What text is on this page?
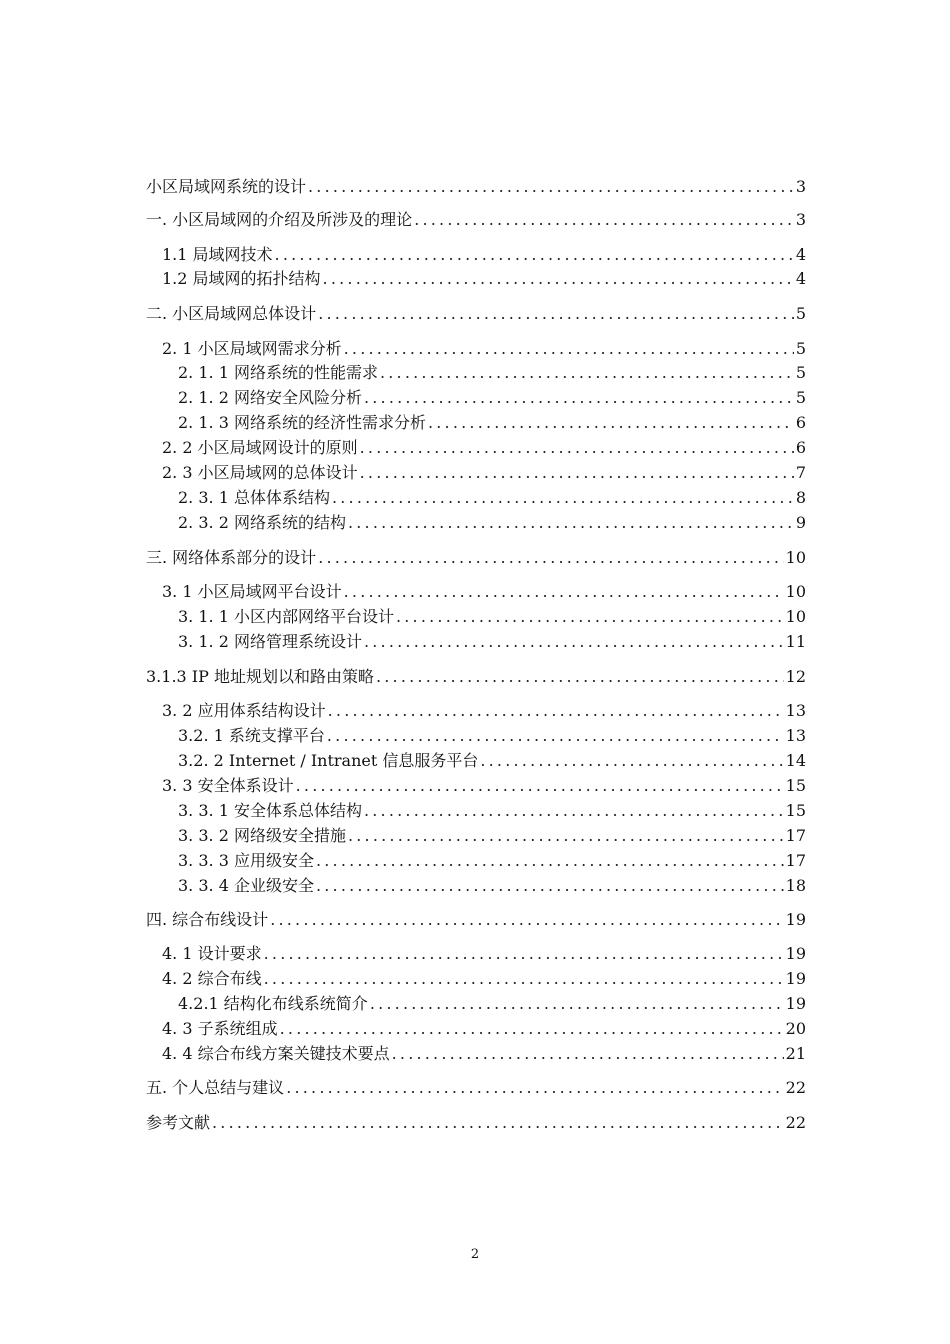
小区局域网系统的设计 .....	3
一. 小区局域网的介绍及所涉及的理论 .....	3
1.1 局域网技术 .....	4
1.2 局域网的拓扑结构 .....	4
二. 小区局域网总体设计 .....	5
2. 1 小区局域网需求分析 .....	5
2. 1. 1 网络系统的性能需求 .....	5
2. 1. 2 网络安全风险分析 .....	5
2. 1. 3 网络系统的经济性需求分析 .....	6
2. 2 小区局域网设计的原则 .....	6
2. 3 小区局域网的总体设计 .....	7
2. 3. 1 总体体系结构 .....	8
2. 3. 2 网络系统的结构 .....	9
三. 网络体系部分的设计 .....	10
3. 1 小区局域网平台设计 .....	10
3. 1. 1 小区内部网络平台设计 .....	10
3. 1. 2 网络管理系统设计 .....	11
3.1.3 IP 地址规划以和路由策略 .....	12
3. 2 应用体系结构设计 .....	13
3.2. 1 系统支撑平台 .....	13
3.2. 2 Internet / Intranet 信息服务平台 .....	14
3. 3 安全体系设计 .....	15
3. 3. 1 安全体系总体结构 .....	15
3. 3. 2 网络级安全措施 .....	17
3. 3. 3 应用级安全 .....	17
3. 3. 4 企业级安全 .....	18
四. 综合布线设计 .....	19
4. 1 设计要求 .....	19
4. 2 综合布线 .....	19
4.2.1 结构化布线系统简介 .....	19
4. 3 子系统组成 .....	20
4. 4 综合布线方案关键技术要点 .....	21
五. 个人总结与建议 .....	22
参考文献 .....	22
2
